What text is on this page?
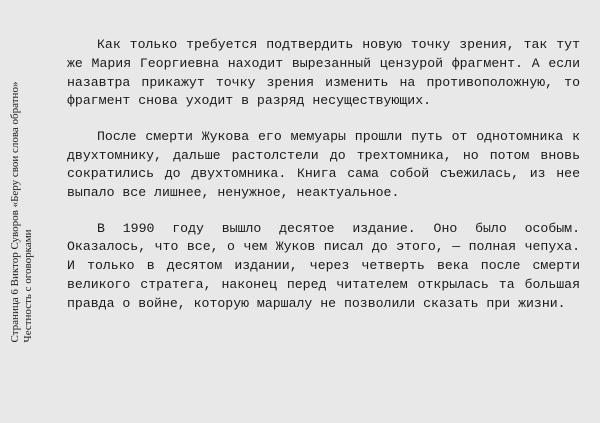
Страница 6 Виктор Суворов «Беру свои слова обратно» Честность с оговорками

Как только требуется подтвердить новую точку зрения, так тут же Мария Георгиевна находит вырезанный цензурой фрагмент. А если назавтра прикажут точку зрения изменить на противоположную, то фрагмент снова уходит в разряд несуществующих.

После смерти Жукова его мемуары прошли путь от однотомника к двухтомнику, дальше растолстели до трехтомника, но потом вновь сократились до двухтомника. Книга сама собой съежилась, из нее выпало все лишнее, ненужное, неактуальное.

В 1990 году вышло десятое издание. Оно было особым. Оказалось, что все, о чем Жуков писал до этого, — полная чепуха. И только в десятом издании, через четверть века после смерти великого стратега, наконец перед читателем открылась та большая правда о войне, которую маршалу не позволили сказать при жизни.
